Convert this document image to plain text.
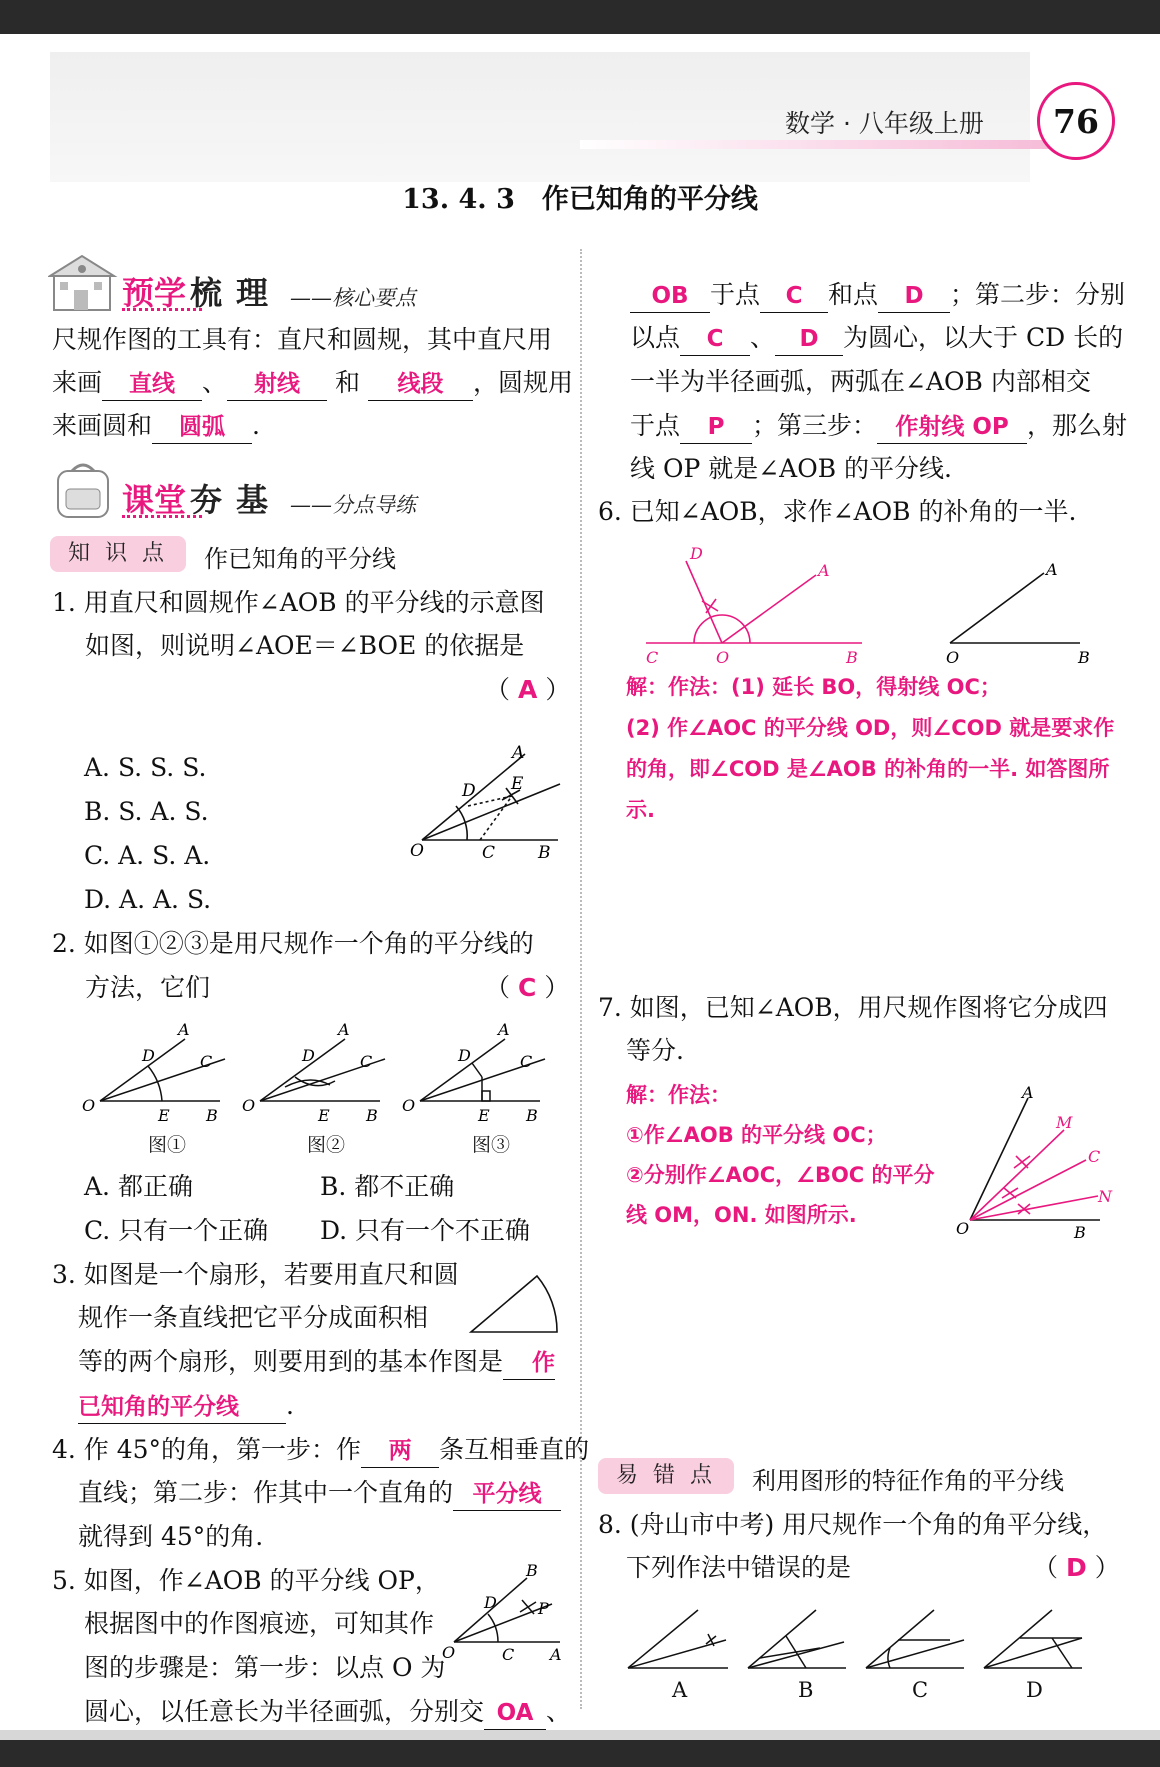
数学 · 八年级上册	76
13. 4. 3　作已知角的平分线
预学 梳 理 ——核心要点
尺规作图的工具有：直尺和圆规，其中直尺用
来画 直线 、 射线 和 线段 ，圆规用
来画圆和 圆弧 .
课堂 夯 基 ——分点导练
知 识 点	作已知角的平分线
1. 用直尺和圆规作∠AOB 的平分线的示意图
如图，则说明∠AOE＝∠BOE 的依据是
（ A ）
A. S. S. S.
B. S. A. S.
C. A. S. A.
D. A. A. S.
O	C	B
D E
A
2. 如图①②③是用尺规作一个角的平分线的
方法，它们	（ C ）
O
A
D	C
E B
O
A
D	C
E B
O
A
D	C
E B
图①	图②	图③
A. 都正确	B. 都不正确
C. 只有一个正确 D. 只有一个不正确
3. 如图是一个扇形，若要用直尺和圆
规作一条直线把它平分成面积相
等的两个扇形，则要用到的基本作图是 作
已知角的平分线 .
4. 作 45°的角，第一步：作 两 条互相垂直的
直线；第二步：作其中一个直角的 平分线
就得到 45°的角.
5. 如图，作∠AOB 的平分线 OP，
根据图中的作图痕迹，可知其作
图的步骤是：第一步：以点 O 为
圆心，以任意长为半径画弧，分别交 OA 、
O	C A
D	P
B
OB 于点 C 和点 D ；第二步：分别
以点 C 、 D 为圆心，以大于 CD 长的
一半为半径画弧，两弧在∠AOB 内部相交
于点 P ；第三步： 作射线 OP ，那么射
线 OP 就是∠AOB 的平分线.
6. 已知∠AOB，求作∠AOB 的补角的一半.
D
A
C	O	B
A
O	B
解：作法：(1) 延长 BO，得射线 OC；
(2) 作∠AOC 的平分线 OD，则∠COD 就是要求作
的角，即∠COD 是∠AOB 的补角的一半. 如答图所
示.
7. 如图，已知∠AOB，用尺规作图将它分成四
等分.
解：作法：
①作∠AOB 的平分线 OC；
②分别作∠AOC，∠BOC 的平分
线 OM，ON. 如图所示.
A
M
C
N
O	B
易 错 点	利用图形的特征作角的平分线
8. (舟山市中考) 用尺规作一个角的角平分线，
下列作法中错误的是	（ D ）
A	B	C	D
